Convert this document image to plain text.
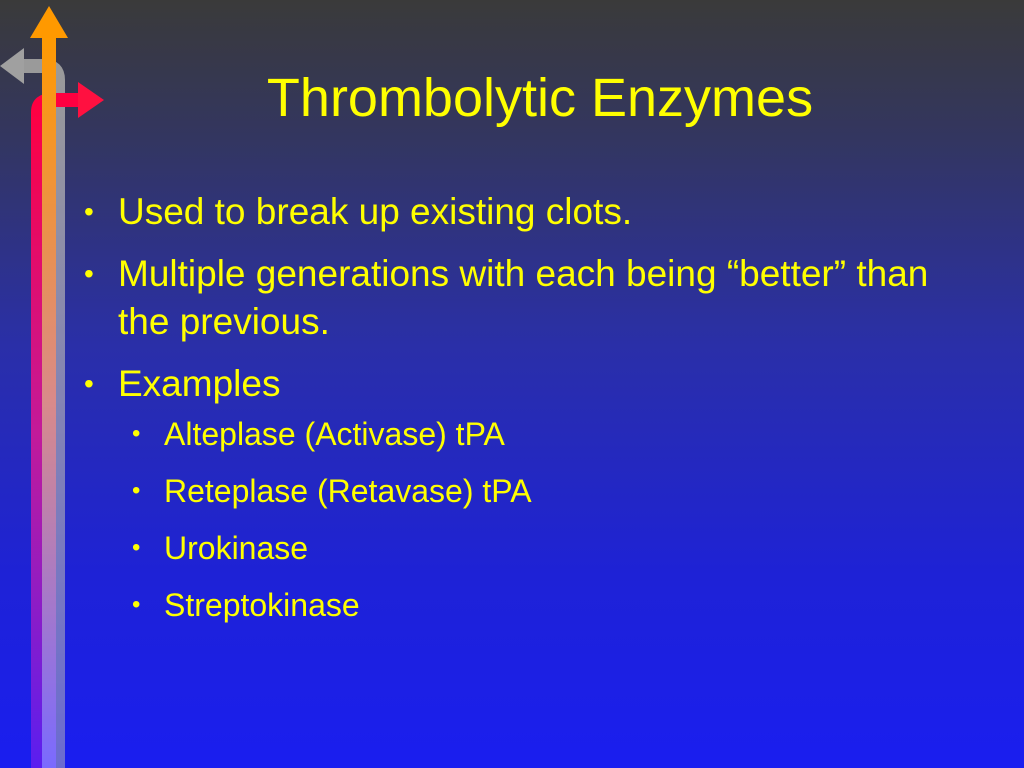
Thrombolytic Enzymes
• Used to break up existing clots.
• Multiple generations with each being “better” than the previous.
• Examples
• Alteplase (Activase) tPA
• Reteplase (Retavase) tPA
• Urokinase
• Streptokinase
